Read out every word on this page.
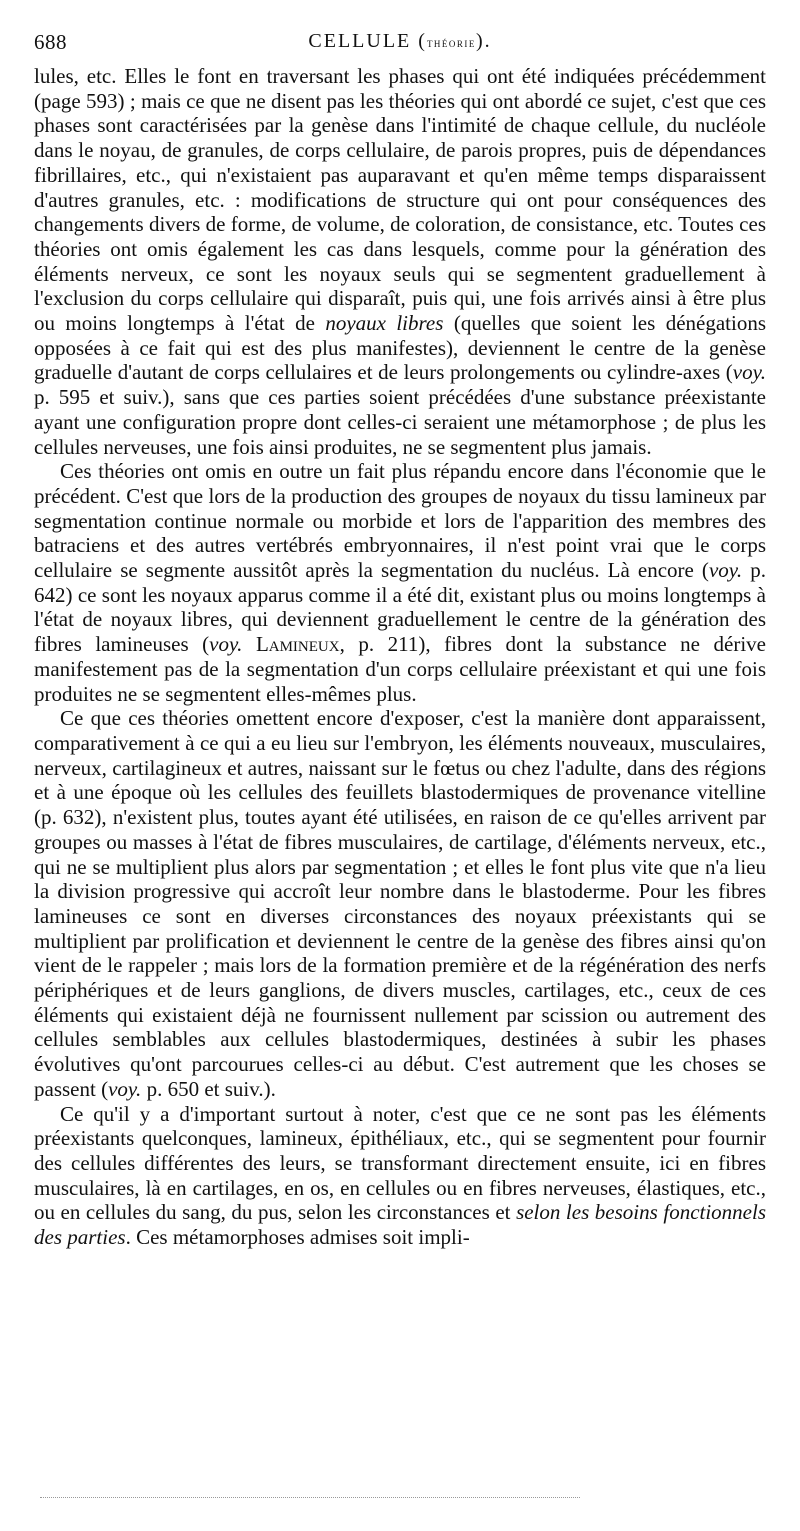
688	CELLULE (théorie).

lules, etc. Elles le font en traversant les phases qui ont été indiquées précédemment (page 593) ; mais ce que ne disent pas les théories qui ont abordé ce sujet, c'est que ces phases sont caractérisées par la genèse dans l'intimité de chaque cellule, du nucléole dans le noyau, de granules, de corps cellulaire, de parois propres, puis de dépendances fibrillaires, etc., qui n'existaient pas auparavant et qu'en même temps disparaissent d'autres granules, etc. : modifications de structure qui ont pour conséquences des changements divers de forme, de volume, de coloration, de consistance, etc. Toutes ces théories ont omis également les cas dans lesquels, comme pour la génération des éléments nerveux, ce sont les noyaux seuls qui se segmentent graduellement à l'exclusion du corps cellulaire qui disparaît, puis qui, une fois arrivés ainsi à être plus ou moins longtemps à l'état de noyaux libres (quelles que soient les dénégations opposées à ce fait qui est des plus manifestes), deviennent le centre de la genèse graduelle d'autant de corps cellulaires et de leurs prolongements ou cylindre-axes (voy. p. 595 et suiv.), sans que ces parties soient précédées d'une substance préexistante ayant une configuration propre dont celles-ci seraient une métamorphose ; de plus les cellules nerveuses, une fois ainsi produites, ne se segmentent plus jamais.

Ces théories ont omis en outre un fait plus répandu encore dans l'économie que le précédent. C'est que lors de la production des groupes de noyaux du tissu lamineux par segmentation continue normale ou morbide et lors de l'apparition des membres des batraciens et des autres vertébrés embryonnaires, il n'est point vrai que le corps cellulaire se segmente aussitôt après la segmentation du nucléus. Là encore (voy. p. 642) ce sont les noyaux apparus comme il a été dit, existant plus ou moins longtemps à l'état de noyaux libres, qui deviennent graduellement le centre de la génération des fibres lamineuses (voy. Lamineux, p. 211), fibres dont la substance ne dérive manifestement pas de la segmentation d'un corps cellulaire préexistant et qui une fois produites ne se segmentent elles-mêmes plus.

Ce que ces théories omettent encore d'exposer, c'est la manière dont apparaissent, comparativement à ce qui a eu lieu sur l'embryon, les éléments nouveaux, musculaires, nerveux, cartilagineux et autres, naissant sur le fœtus ou chez l'adulte, dans des régions et à une époque où les cellules des feuillets blastodermiques de provenance vitelline (p. 632), n'existent plus, toutes ayant été utilisées, en raison de ce qu'elles arrivent par groupes ou masses à l'état de fibres musculaires, de cartilage, d'éléments nerveux, etc., qui ne se multiplient plus alors par segmentation ; et elles le font plus vite que n'a lieu la division progressive qui accroît leur nombre dans le blastoderme. Pour les fibres lamineuses ce sont en diverses circonstances des noyaux préexistants qui se multiplient par prolification et deviennent le centre de la genèse des fibres ainsi qu'on vient de le rappeler ; mais lors de la formation première et de la régénération des nerfs périphériques et de leurs ganglions, de divers muscles, cartilages, etc., ceux de ces éléments qui existaient déjà ne fournissent nullement par scission ou autrement des cellules semblables aux cellules blastodermiques, destinées à subir les phases évolutives qu'ont parcourues celles-ci au début. C'est autrement que les choses se passent (voy. p. 650 et suiv.).

Ce qu'il y a d'important surtout à noter, c'est que ce ne sont pas les éléments préexistants quelconques, lamineux, épithéliaux, etc., qui se segmentent pour fournir des cellules différentes des leurs, se transformant directement ensuite, ici en fibres musculaires, là en cartilages, en os, en cellules ou en fibres nerveuses, élastiques, etc., ou en cellules du sang, du pus, selon les circonstances et selon les besoins fonctionnels des parties. Ces métamorphoses admises soit impli-
